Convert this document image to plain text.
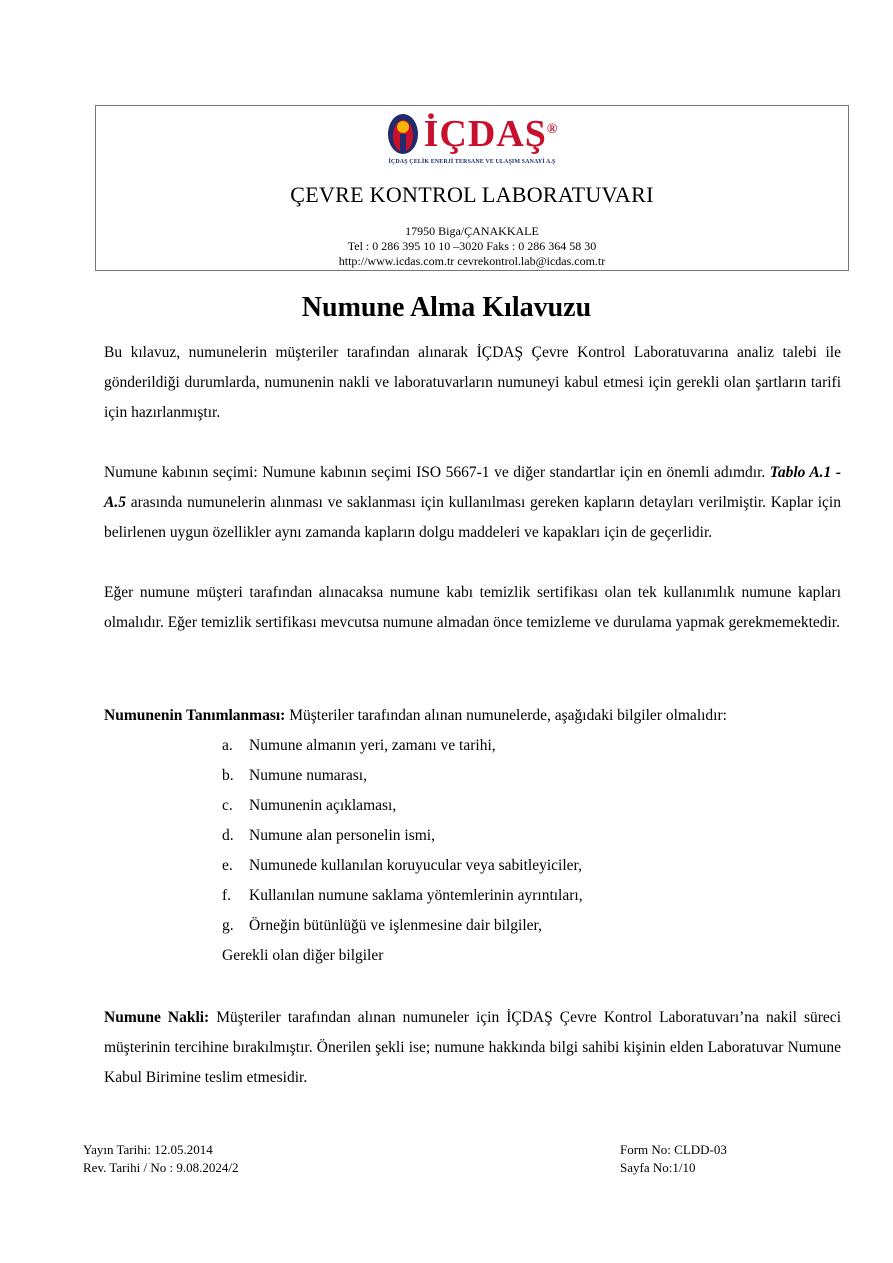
İÇDAŞ®
İÇDAŞ ÇELİK ENERJİ TERSANE VE ULAŞIM SANAYİ A.Ş
ÇEVRE KONTROL LABORATUVARI
17950 Biga/ÇANAKKALE
Tel : 0 286 395 10 10 –3020 Faks : 0 286 364 58 30
http://www.icdas.com.tr cevrekontrol.lab@icdas.com.tr
Numune Alma Kılavuzu

Bu kılavuz, numunelerin müşteriler tarafından alınarak İÇDAŞ Çevre Kontrol Laboratuvarına analiz talebi ile gönderildiği durumlarda, numunenin nakli ve laboratuvarların numuneyi kabul etmesi için gerekli olan şartların tarifi için hazırlanmıştır.

Numune kabının seçimi: Numune kabının seçimi ISO 5667-1 ve diğer standartlar için en önemli adımdır. Tablo A.1 - A.5 arasında numunelerin alınması ve saklanması için kullanılması gereken kapların detayları verilmiştir. Kaplar için belirlenen uygun özellikler aynı zamanda kapların dolgu maddeleri ve kapakları için de geçerlidir.

Eğer numune müşteri tarafından alınacaksa numune kabı temizlik sertifikası olan tek kullanımlık numune kapları olmalıdır. Eğer temizlik sertifikası mevcutsa numune almadan önce temizleme ve durulama yapmak gerekmemektedir.

Numunenin Tanımlanması: Müşteriler tarafından alınan numunelerde, aşağıdaki bilgiler olmalıdır:

a.	Numune almanın yeri, zamanı ve tarihi,
b. Numune numarası,
c.	Numunenin açıklaması,
d. Numune alan personelin ismi,
e.	Numunede kullanılan koruyucular veya sabitleyiciler,
f.	Kullanılan numune saklama yöntemlerinin ayrıntıları,
g. Örneğin bütünlüğü ve işlenmesine dair bilgiler,
Gerekli olan diğer bilgiler

Numune Nakli: Müşteriler tarafından alınan numuneler için İÇDAŞ Çevre Kontrol Laboratuvarı’na nakil süreci müşterinin tercihine bırakılmıştır. Önerilen şekli ise; numune hakkında bilgi sahibi kişinin elden Laboratuvar Numune Kabul Birimine teslim etmesidir.

Yayın Tarihi: 12.05.2014
Rev. Tarihi / No : 9.08.2024/2
Form No: CLDD-03
Sayfa No:1/10
